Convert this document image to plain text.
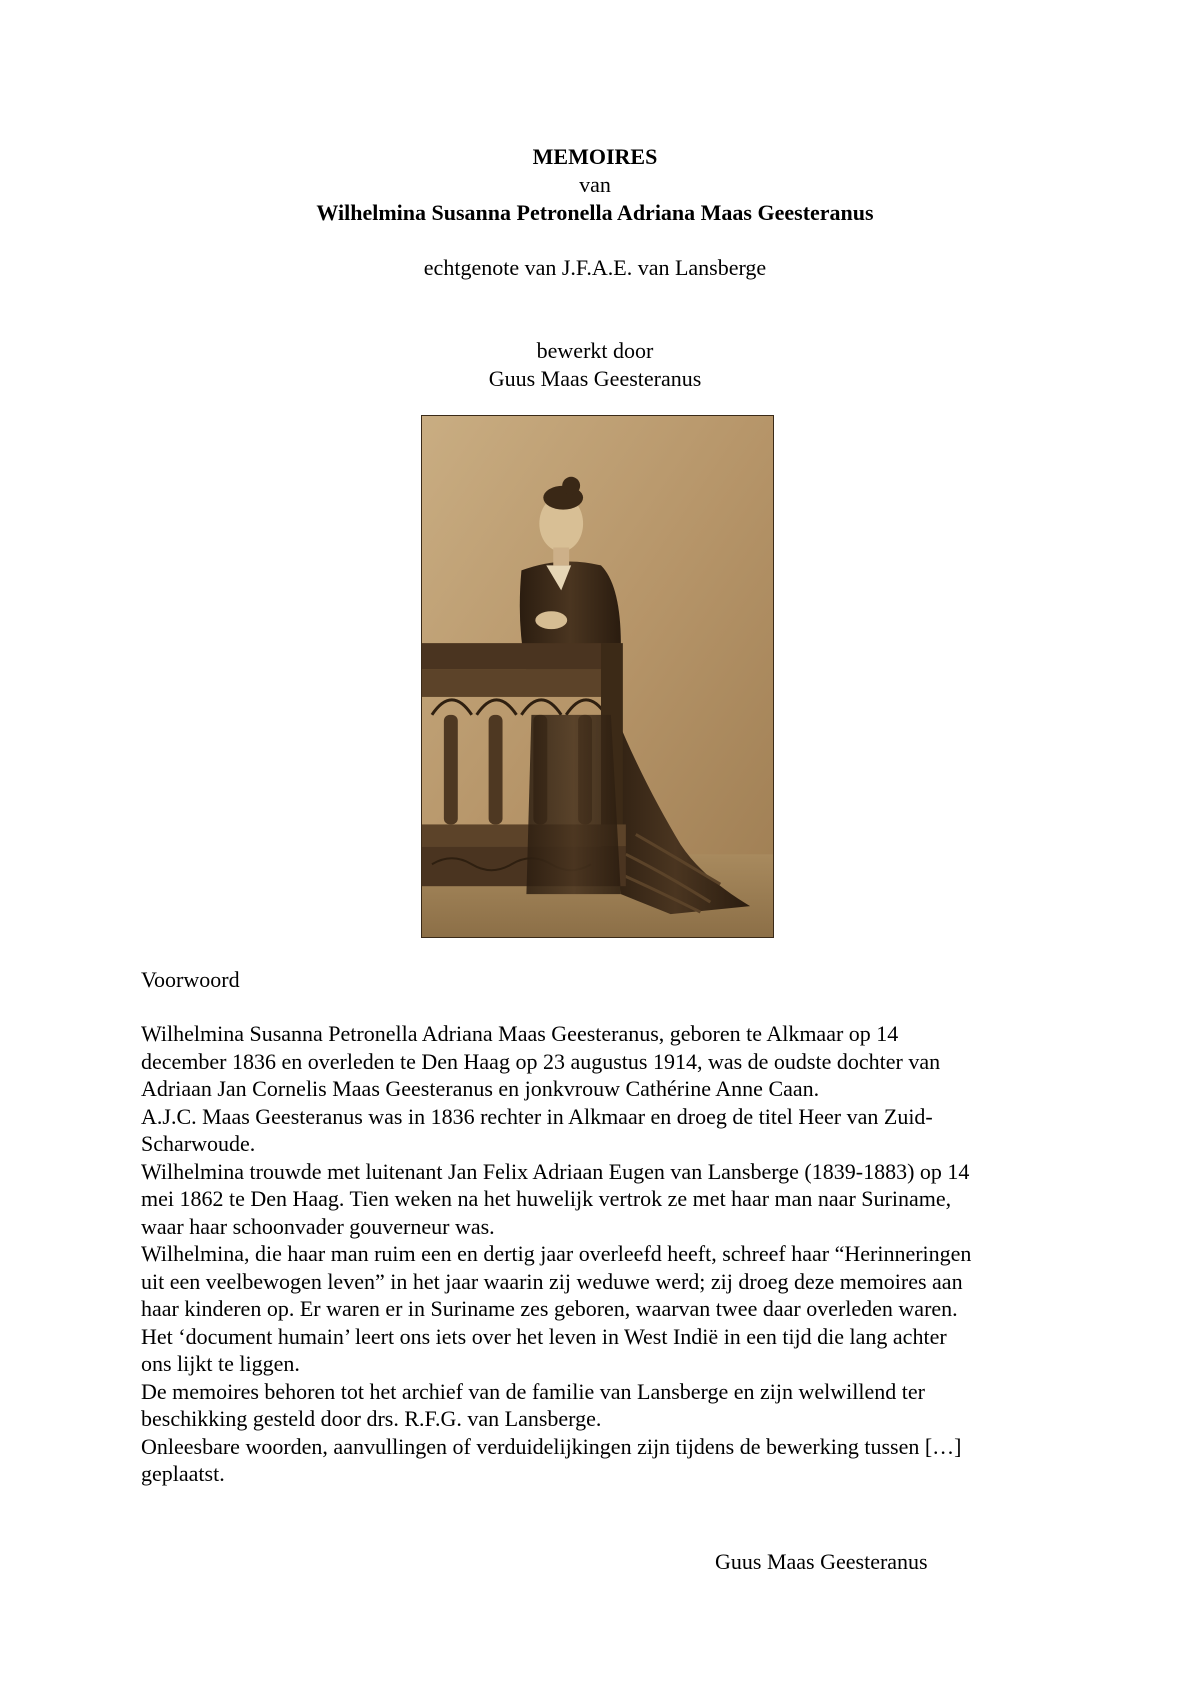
MEMOIRES
van
Wilhelmina Susanna Petronella Adriana Maas Geesteranus
echtgenote van J.F.A.E. van Lansberge
bewerkt door
Guus Maas Geesteranus
Voorwoord
Wilhelmina Susanna Petronella Adriana Maas Geesteranus, geboren te Alkmaar op 14
december 1836 en overleden te Den Haag op 23 augustus 1914, was de oudste dochter van
Adriaan Jan Cornelis Maas Geesteranus en jonkvrouw Cathérine Anne Caan.
A.J.C. Maas Geesteranus was in 1836 rechter in Alkmaar en droeg de titel Heer van Zuid-
Scharwoude.
Wilhelmina trouwde met luitenant Jan Felix Adriaan Eugen van Lansberge (1839-1883) op 14
mei 1862 te Den Haag. Tien weken na het huwelijk vertrok ze met haar man naar Suriname,
waar haar schoonvader gouverneur was.
Wilhelmina, die haar man ruim een en dertig jaar overleefd heeft, schreef haar “Herinneringen
uit een veelbewogen leven” in het jaar waarin zij weduwe werd; zij droeg deze memoires aan
haar kinderen op. Er waren er in Suriname zes geboren, waarvan twee daar overleden waren.
Het ‘document humain’ leert ons iets over het leven in West Indië in een tijd die lang achter
ons lijkt te liggen.
De memoires behoren tot het archief van de familie van Lansberge en zijn welwillend ter
beschikking gesteld door drs. R.F.G. van Lansberge.
Onleesbare woorden, aanvullingen of verduidelijkingen zijn tijdens de bewerking tussen […]
geplaatst.
Guus Maas Geesteranus
